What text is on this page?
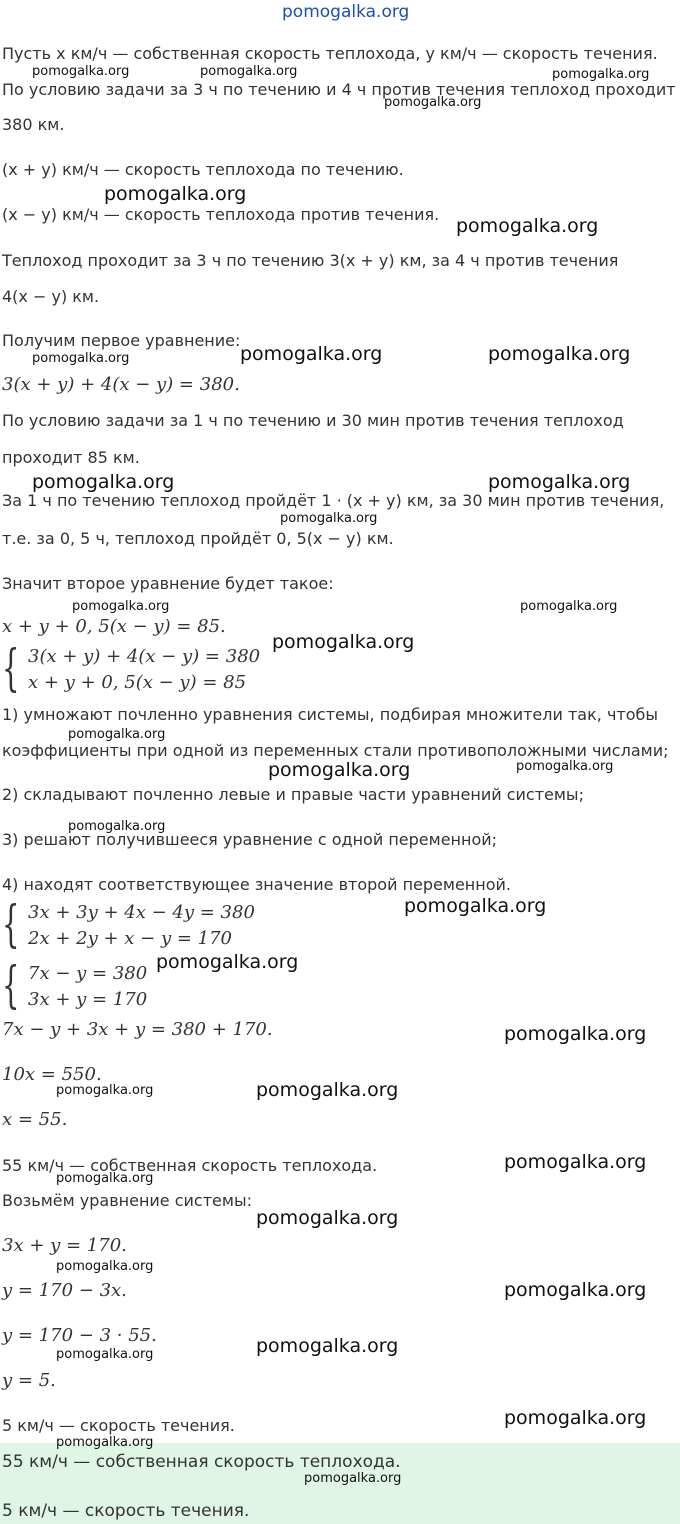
pomogalka.org
Пусть x км/ч — собственная скорость теплохода, y км/ч — скорость течения.
По условию задачи за 3 ч по течению и 4 ч против течения теплоход проходит
380 км.
(x + y) км/ч — скорость теплохода по течению.
(x − y) км/ч — скорость теплохода против течения.
Теплоход проходит за 3 ч по течению 3(x + y) км, за 4 ч против течения
4(x − y) км.
Получим первое уравнение:
3(x + y) + 4(x − y) = 380.
По условию задачи за 1 ч по течению и 30 мин против течения теплоход
проходит 85 км.
За 1 ч по течению теплоход пройдёт 1 · (x + y) км, за 30 мин против течения,
т.е. за 0, 5 ч, теплоход пройдёт 0, 5(x − y) км.
Значит второе уравнение будет такое:
x + y + 0, 5(x − y) = 85.
{ 3(x + y) + 4(x − y) = 380
x + y + 0, 5(x − y) = 85
1) умножают почленно уравнения системы, подбирая множители так, чтобы
коэффициенты при одной из переменных стали противоположными числами;
2) складывают почленно левые и правые части уравнений системы;
3) решают получившееся уравнение с одной переменной;
4) находят соответствующее значение второй переменной.
{ 3x + 3y + 4x − 4y = 380
2x + 2y + x − y = 170
{ 7x − y = 380
3x + y = 170
7x − y + 3x + y = 380 + 170.
10x = 550.
x = 55.
55 км/ч — собственная скорость теплохода.
Возьмём уравнение системы:
3x + y = 170.
y = 170 − 3x.
y = 170 − 3 · 55.
y = 5.
5 км/ч — скорость течения.
55 км/ч — собственная скорость теплохода.
5 км/ч — скорость течения.
pomogalka.org	pomogalka.org	pomogalka.org
pomogalka.org
pomogalka.org
pomogalka.org
pomogalka.org	pomogalka.org
pomogalka.org
pomogalka.org
pomogalka.org
pomogalka.org
pomogalka.org
pomogalka.org
pomogalka.org
pomogalka.org
pomogalka.org
pomogalka.org
pomogalka.org
pomogalka.org	pomogalka.org
pomogalka.org	pomogalka.org
pomogalka.org
pomogalka.org
pomogalka.org
pomogalka.org
pomogalka.org
pomogalka.org
pomogalka.org
pomogalka.org
pomogalka.org
pomogalka.org
pomogalka.org
